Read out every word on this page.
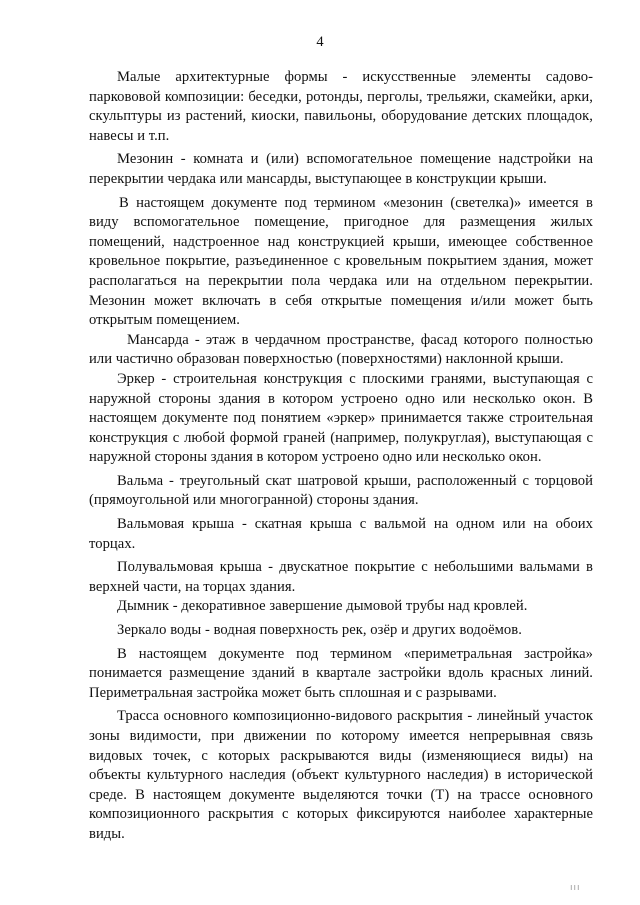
4

Малые архитектурные формы - искусственные элементы садово-паркововой композиции: беседки, ротонды, перголы, трельяжи, скамейки, арки, скульптуры из растений, киоски, павильоны, оборудование детских площадок, навесы и т.п.

Мезонин - комната и (или) вспомогательное помещение надстройки на перекрытии чердака или мансарды, выступающее в конструкции крыши.

В настоящем документе под термином «мезонин (светелка)» имеется в виду вспомогательное помещение, пригодное для размещения жилых помещений, надстроенное над конструкцией крыши, имеющее собственное кровельное покрытие, разъединенное с кровельным покрытием здания, может располагаться на перекрытии пола чердака или на отдельном перекрытии. Мезонин может включать в себя открытые помещения и/или может быть открытым помещением.

Мансарда - этаж в чердачном пространстве, фасад которого полностью или частично образован поверхностью (поверхностями) наклонной крыши.

Эркер - строительная конструкция с плоскими гранями, выступающая с наружной стороны здания в котором устроено одно или несколько окон. В настоящем документе под понятием «эркер» принимается также строительная конструкция с любой формой граней (например, полукруглая), выступающая с наружной стороны здания в котором устроено одно или несколько окон.

Вальма - треугольный скат шатровой крыши, расположенный с торцовой (прямоугольной или многогранной) стороны здания.

Вальмовая крыша - скатная крыша с вальмой на одном или на обоих торцах.

Полувальмовая крыша - двускатное покрытие с небольшими вальмами в верхней части, на торцах здания.

Дымник - декоративное завершение дымовой трубы над кровлей.

Зеркало воды - водная поверхность рек, озёр и других водоёмов.

В настоящем документе под термином «периметральная застройка» понимается размещение зданий в квартале застройки вдоль красных линий. Периметральная застройка может быть сплошная и с разрывами.

Трасса основного композиционно-видового раскрытия - линейный участок зоны видимости, при движении по которому имеется непрерывная связь видовых точек, с которых раскрываются виды (изменяющиеся виды) на объекты культурного наследия (объект культурного наследия) в исторической среде. В настоящем документе выделяются точки (Т) на трассе основного композиционного раскрытия с которых фиксируются наиболее характерные виды.

ııı
